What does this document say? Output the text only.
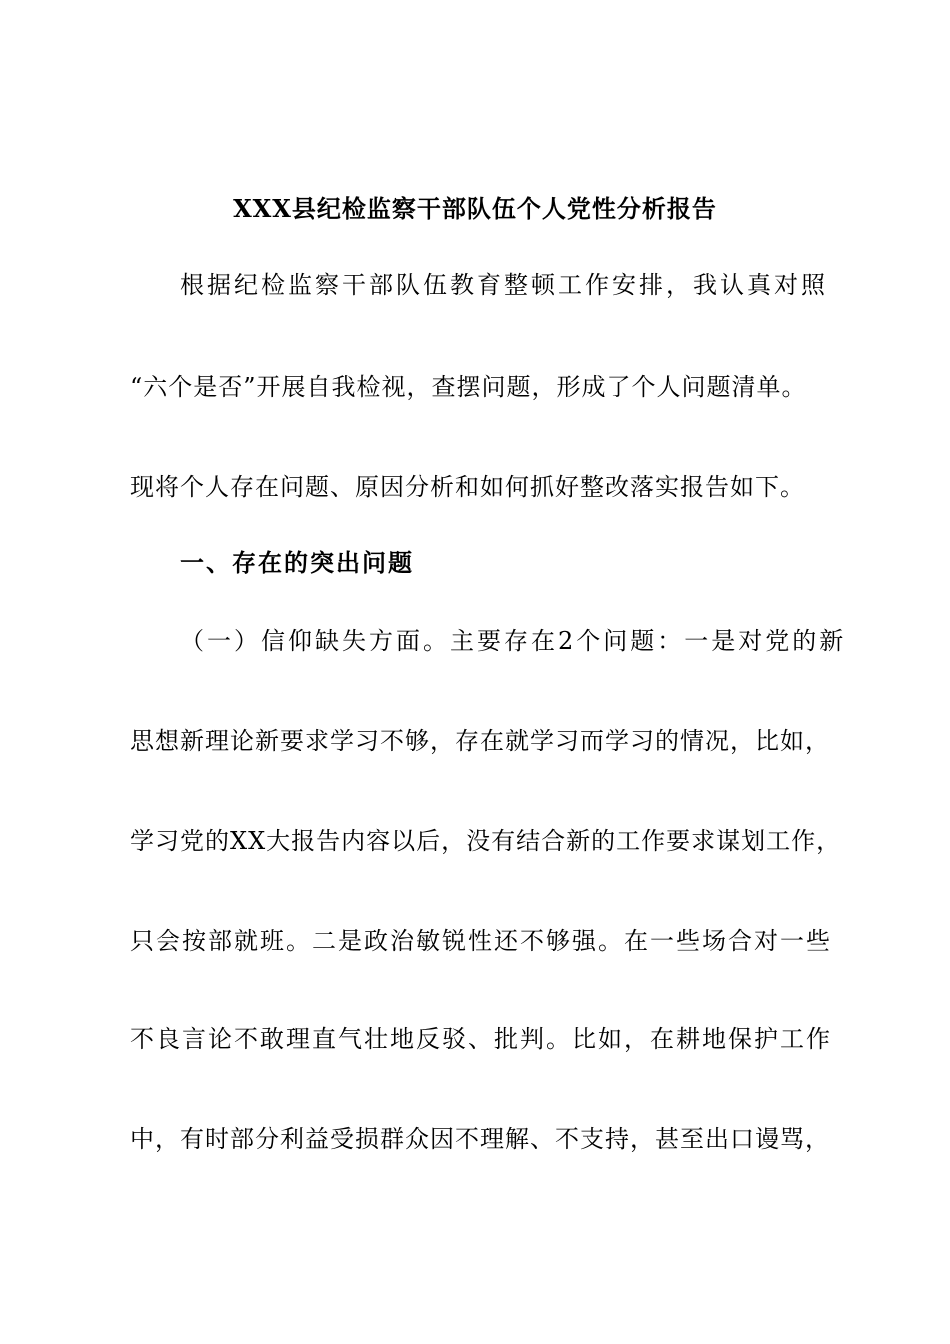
XXX县纪检监察干部队伍个人党性分析报告
根据纪检监察干部队伍教育整顿工作安排，我认真对照
“六个是否”开展自我检视，查摆问题，形成了个人问题清单。
现将个人存在问题、原因分析和如何抓好整改落实报告如下。
一、存在的突出问题
（一）信仰缺失方面。主要存在2个问题：一是对党的新
思想新理论新要求学习不够，存在就学习而学习的情况，比如，
学习党的XX大报告内容以后，没有结合新的工作要求谋划工作，
只会按部就班。二是政治敏锐性还不够强。在一些场合对一些
不良言论不敢理直气壮地反驳、批判。比如，在耕地保护工作
中，有时部分利益受损群众因不理解、不支持，甚至出口谩骂，
